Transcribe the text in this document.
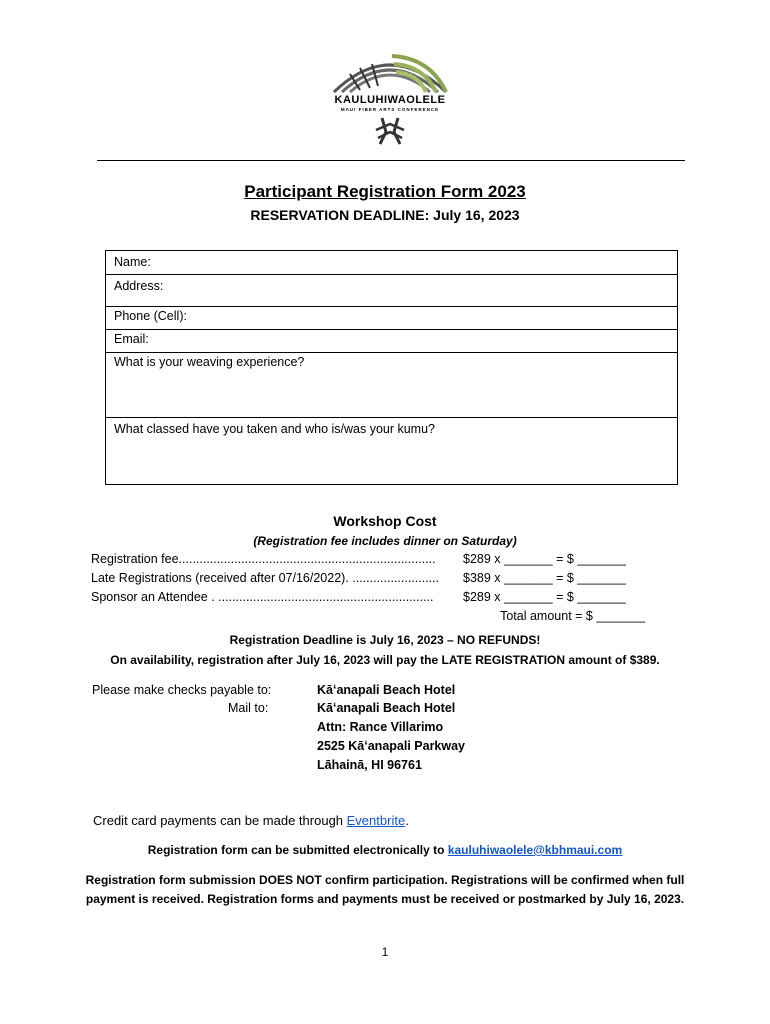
KAULUHIWAOLELE
MAUI FIBER ARTS CONFERENCE
Participant Registration Form 2023
RESERVATION DEADLINE: July 16, 2023
Name:
Address:
Phone (Cell):
Email:
What is your weaving experience?
What classed have you taken and who is/was your kumu?
Workshop Cost
(Registration fee includes dinner on Saturday)
Registration fee.......................................................................... $289 x _______ = $ _______
Late Registrations (received after 07/16/2022). ......................... $389 x _______ = $ _______
Sponsor an Attendee . .............................................................. $289 x _______ = $ _______
Total amount = $ _______
Registration Deadline is July 16, 2023 – NO REFUNDS!
On availability, registration after July 16, 2023 will pay the LATE REGISTRATION amount of $389.
Please make checks payable to:
Mail to:
Kāʻanapali Beach Hotel
Kāʻanapali Beach Hotel
Attn: Rance Villarimo
2525 Kāʻanapali Parkway
Lāhainā, HI 96761
Credit card payments can be made through Eventbrite.
Registration form can be submitted electronically to kauluhiwaolele@kbhmaui.com
Registration form submission DOES NOT confirm participation. Registrations will be confirmed when full payment is received. Registration forms and payments must be received or postmarked by July 16, 2023.
1
